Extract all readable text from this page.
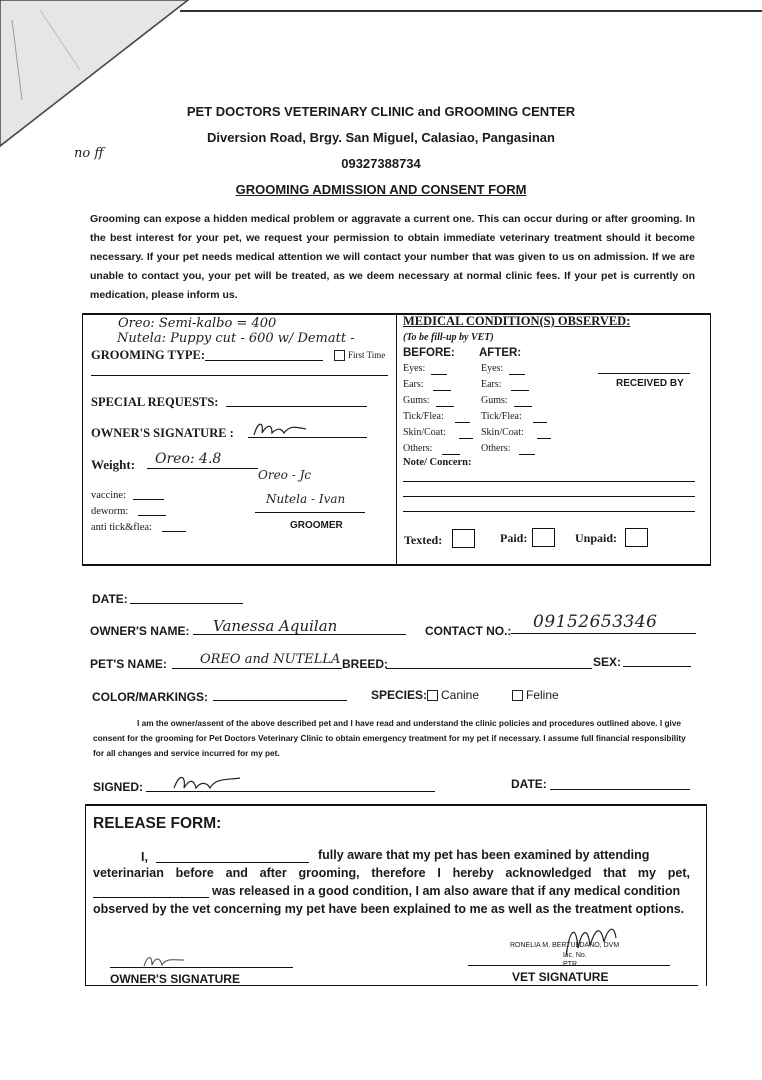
no ff
PET DOCTORS VETERINARY CLINIC and GROOMING CENTER
Diversion Road, Brgy. San Miguel, Calasiao, Pangasinan
09327388734
GROOMING ADMISSION AND CONSENT FORM
Grooming can expose a hidden medical problem or aggravate a current one. This can occur during or after grooming. In the best interest for your pet, we request your permission to obtain immediate veterinary treatment should it become necessary. If your pet needs medical attention we will contact your number that was given to us on admission. If we are unable to contact you, your pet will be treated, as we deem necessary at normal clinic fees. If your pet is currently on medication, please inform us.
Oreo: Semi-kalbo = 400
Nutela: Puppy cut - 600 w/ Dematt -
GROOMING TYPE:	First Time
SPECIAL REQUESTS:
OWNER'S SIGNATURE :
Weight: Oreo: 4.8
Oreo - Jc
Nutela - Ivan
GROOMER
vaccine:
deworm:
anti tick&flea:
MEDICAL CONDITION(S) OBSERVED:
(To be fill-up by VET)
BEFORE: AFTER:
Eyes:	Eyes:
Ears:	Ears:
Gums:	Gums:
Tick/Flea:	Tick/Flea:
Skin/Coat:	Skin/Coat:
Others:	Others:
RECEIVED BY
Note/ Concern:
Texted:	Paid:	Unpaid:
DATE:
OWNER'S NAME: Vanessa Aquilan	CONTACT NO.: 09152653346
PET'S NAME:	OREO and NUTELLA BREED:	SEX:
COLOR/MARKINGS:	SPECIES:	Canine	Feline
I am the owner/assent of the above described pet and I have read and understand the clinic policies and procedures outlined above. I give consent for the grooming for Pet Doctors Veterinary Clinic to obtain emergency treatment for my pet if necessary. I assume full financial responsibility for all changes and service incurred for my pet.
SIGNED:	DATE:
RELEASE FORM:
I,	fully aware that my pet has been examined by attending
veterinarian before and after grooming, therefore I hereby acknowledged that my pet,
was released in a good condition, I am also aware that if any medical condition
observed by the vet concerning my pet have been explained to me as well as the treatment options.
OWNER'S SIGNATURE
RONELIA M. BERTULDANO, DVM
Lic. No.
PTR
VET SIGNATURE
